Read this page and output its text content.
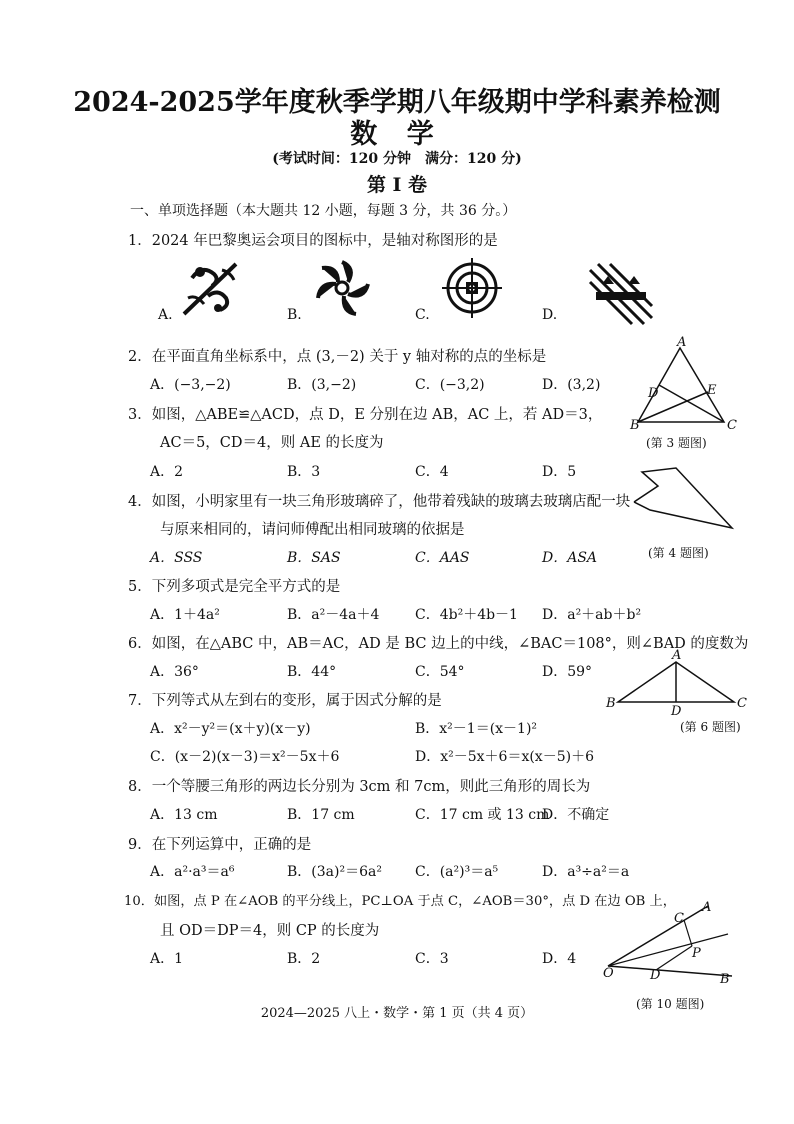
2024-2025学年度秋季学期八年级期中学科素养检测
数 学
(考试时间：120 分钟　满分：120 分)
第 Ⅰ 卷
一、单项选择题（本大题共 12 小题，每题 3 分，共 36 分。）
1．2024 年巴黎奥运会项目的图标中，是轴对称图形的是
A.	B.	C.	D.
2．在平面直角坐标系中，点 (3,－2) 关于 y 轴对称的点的坐标是
A．(−3,−2)	B．(3,−2)	C．(−3,2)	D．(3,2)
3．如图，△ABE≌△ACD，点 D，E 分别在边 AB，AC 上，若 AD＝3，
AC＝5，CD＝4，则 AE 的长度为
A．2	B．3	C．4	D．5
A
B	C
D	E
(第 3 题图)
4．如图，小明家里有一块三角形玻璃碎了，他带着残缺的玻璃去玻璃店配一块
与原来相同的，请问师傅配出相同玻璃的依据是
A．SSS	B．SAS	C．AAS	D．ASA	(第 4 题图)
5．下列多项式是完全平方式的是
A．1＋4a²	B．a²－4a＋4	C．4b²＋4b－1 D．a²＋ab＋b²
6．如图，在△ABC 中，AB＝AC，AD 是 BC 边上的中线，∠BAC＝108°，则∠BAD 的度数为
A．36°	B．44°	C．54°	D．59°
A
B	C
D
(第 6 题图)
7．下列等式从左到右的变形，属于因式分解的是
A．x²－y²＝(x＋y)(x－y)	B．x²－1＝(x－1)²
C．(x－2)(x－3)＝x²－5x＋6	D．x²－5x＋6＝x(x－5)＋6
8．一个等腰三角形的两边长分别为 3cm 和 7cm，则此三角形的周长为
A．13 cm	B．17 cm	C．17 cm 或 13 cm
D．不确定
9．在下列运算中，正确的是
A．a²·a³＝a⁶	B．(3a)²＝6a² C．(a²)³＝a⁵	D．a³÷a²＝a
10．如图，点 P 在∠AOB 的平分线上，PC⊥OA 于点 C，∠AOB＝30°，点 D 在边 OB 上，
且 OD＝DP＝4，则 CP 的长度为
A．1	B．2	C．3	D．4
A
B
C
D
O
P
(第 10 题图)
2024—2025 八上・数学・第 1 页（共 4 页）
